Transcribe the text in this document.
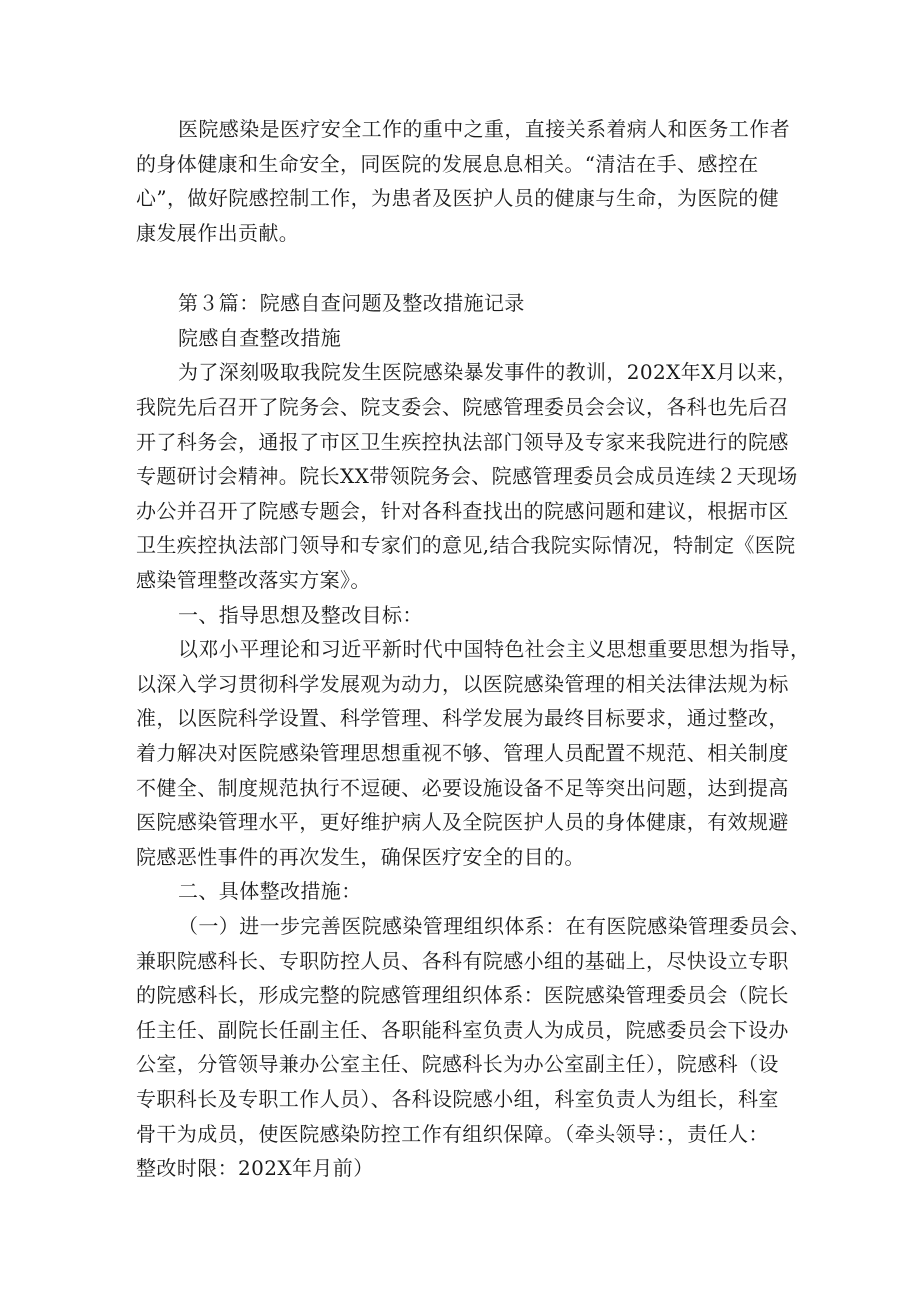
医院感染是医疗安全工作的重中之重，直接关系着病人和医务工作者

的身体健康和生命安全，同医院的发展息息相关。“清洁在手、感控在

心”，做好院感控制工作，为患者及医护人员的健康与生命，为医院的健

康发展作出贡献。

第３篇：院感自查问题及整改措施记录

院感自查整改措施

为了深刻吸取我院发生医院感染暴发事件的教训，202X年X月以来，

我院先后召开了院务会、院支委会、院感管理委员会会议，各科也先后召

开了科务会，通报了市区卫生疾控执法部门领导及专家来我院进行的院感

专题研讨会精神。院长XX带领院务会、院感管理委员会成员连续２天现场

办公并召开了院感专题会，针对各科查找出的院感问题和建议，根据市区

卫生疾控执法部门领导和专家们的意见,结合我院实际情况，特制定《医院

感染管理整改落实方案》。

一、指导思想及整改目标：

以邓小平理论和习近平新时代中国特色社会主义思想重要思想为指导，

以深入学习贯彻科学发展观为动力，以医院感染管理的相关法律法规为标

准，以医院科学设置、科学管理、科学发展为最终目标要求，通过整改，

着力解决对医院感染管理思想重视不够、管理人员配置不规范、相关制度

不健全、制度规范执行不逗硬、必要设施设备不足等突出问题，达到提高

医院感染管理水平，更好维护病人及全院医护人员的身体健康，有效规避

院感恶性事件的再次发生，确保医疗安全的目的。

二、具体整改措施：

（一）进一步完善医院感染管理组织体系：在有医院感染管理委员会、

兼职院感科长、专职防控人员、各科有院感小组的基础上，尽快设立专职

的院感科长，形成完整的院感管理组织体系：医院感染管理委员会（院长

任主任、副院长任副主任、各职能科室负责人为成员，院感委员会下设办

公室，分管领导兼办公室主任、院感科长为办公室副主任），院感科（设

专职科长及专职工作人员）、各科设院感小组，科室负责人为组长，科室

骨干为成员，使医院感染防控工作有组织保障。（牵头领导：，责任人：

整改时限：202X年月前）
